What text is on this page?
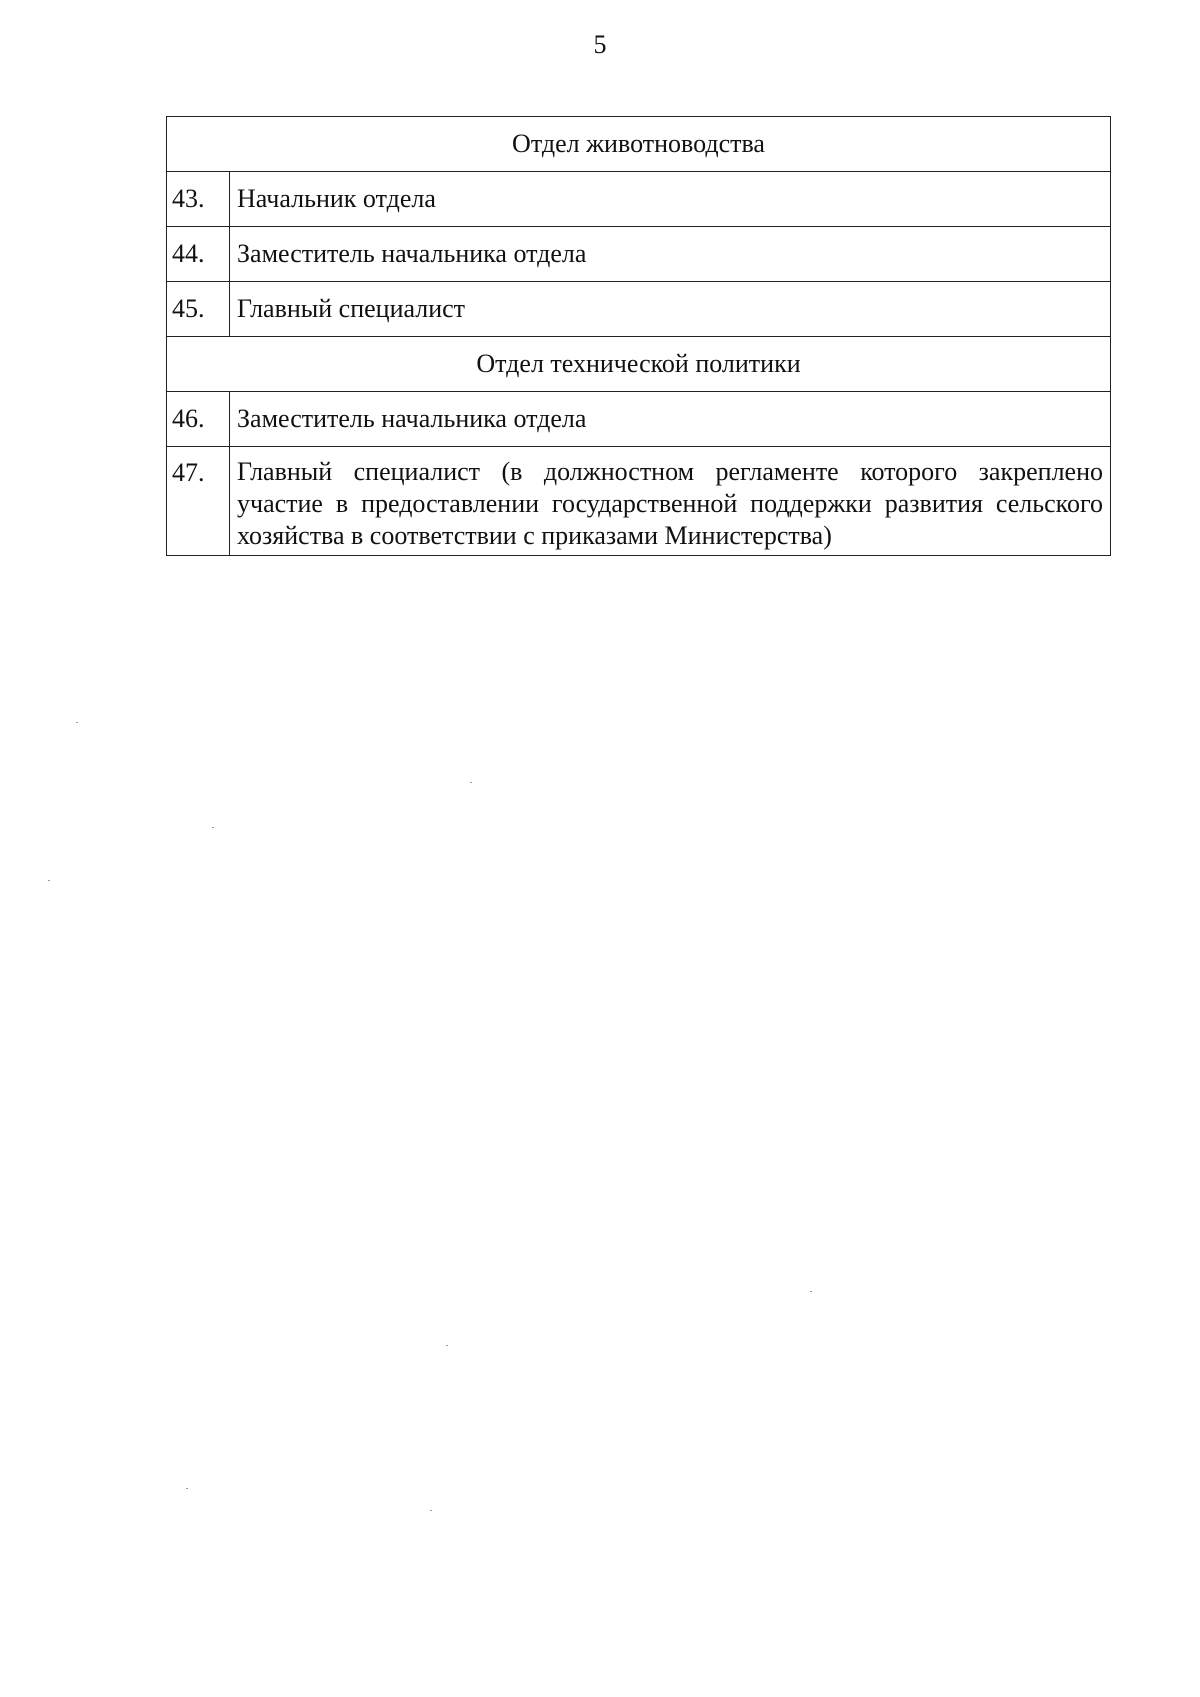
5
Отдел животноводства	
43.	Начальник отдела
44.	Заместитель начальника отдела
45.	Главный специалист
Отдел технической политики	
46.	Заместитель начальника отдела
47.	Главный специалист (в должностном регламенте которого закреплено участие в предоставлении государственной поддержки развития сельского хозяйства в соответствии с приказами Министерства)
